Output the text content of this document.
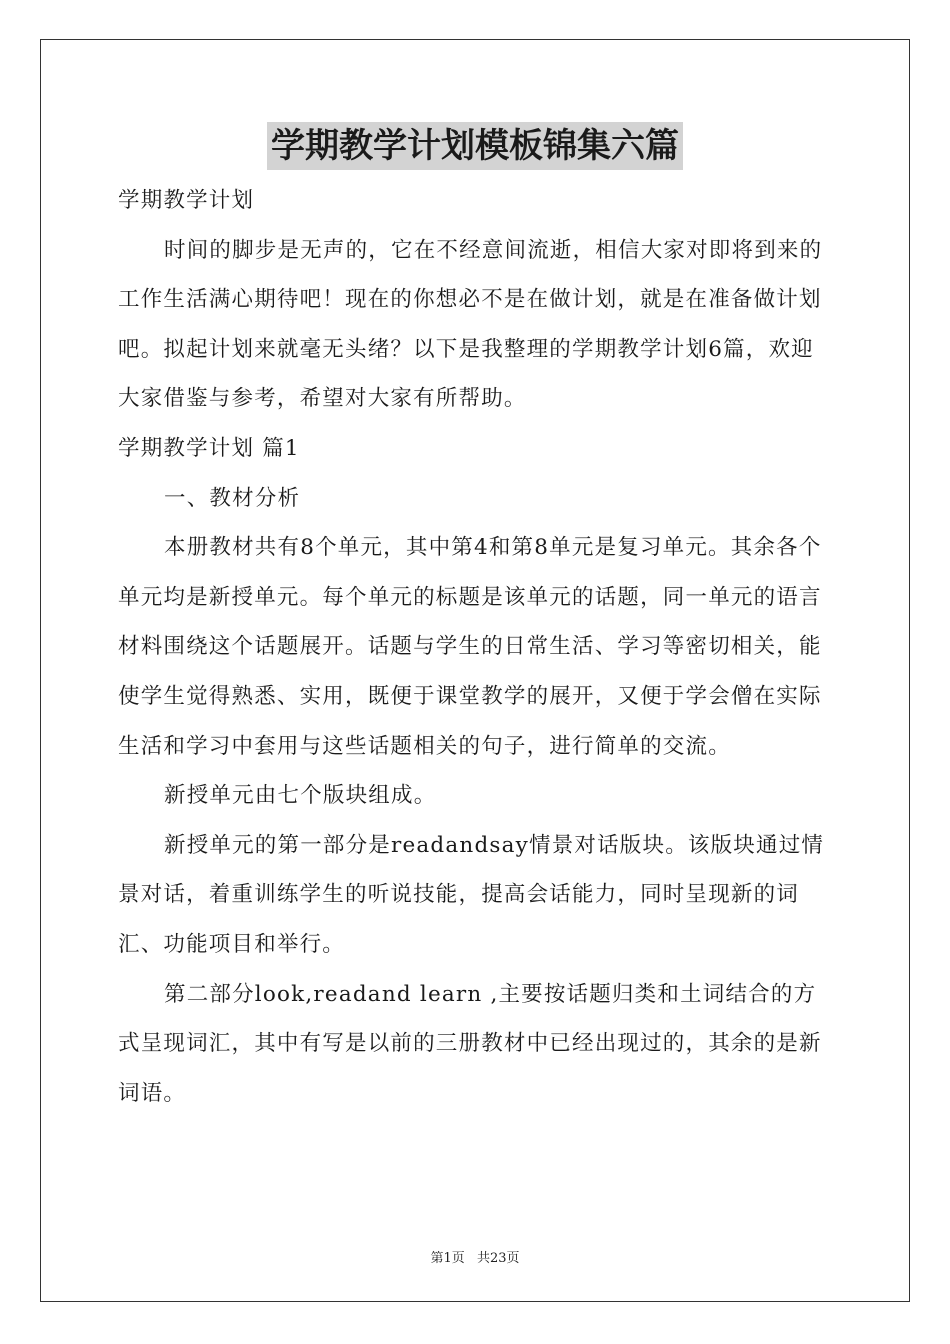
学期教学计划模板锦集六篇

学期教学计划

时间的脚步是无声的，它在不经意间流逝，相信大家对即将到来的工作生活满心期待吧！现在的你想必不是在做计划，就是在准备做计划吧。拟起计划来就毫无头绪？以下是我整理的学期教学计划6篇，欢迎大家借鉴与参考，希望对大家有所帮助。

学期教学计划 篇1

一、教材分析

本册教材共有8个单元，其中第4和第8单元是复习单元。其余各个单元均是新授单元。每个单元的标题是该单元的话题，同一单元的语言材料围绕这个话题展开。话题与学生的日常生活、学习等密切相关，能使学生觉得熟悉、实用，既便于课堂教学的展开，又便于学会僧在实际生活和学习中套用与这些话题相关的句子，进行简单的交流。

新授单元由七个版块组成。

新授单元的第一部分是readandsay情景对话版块。该版块通过情景对话，着重训练学生的听说技能，提高会话能力，同时呈现新的词汇、功能项目和举行。

第二部分look,readand learn ,主要按话题归类和土词结合的方式呈现词汇，其中有写是以前的三册教材中已经出现过的，其余的是新词语。

第1页 共23页
